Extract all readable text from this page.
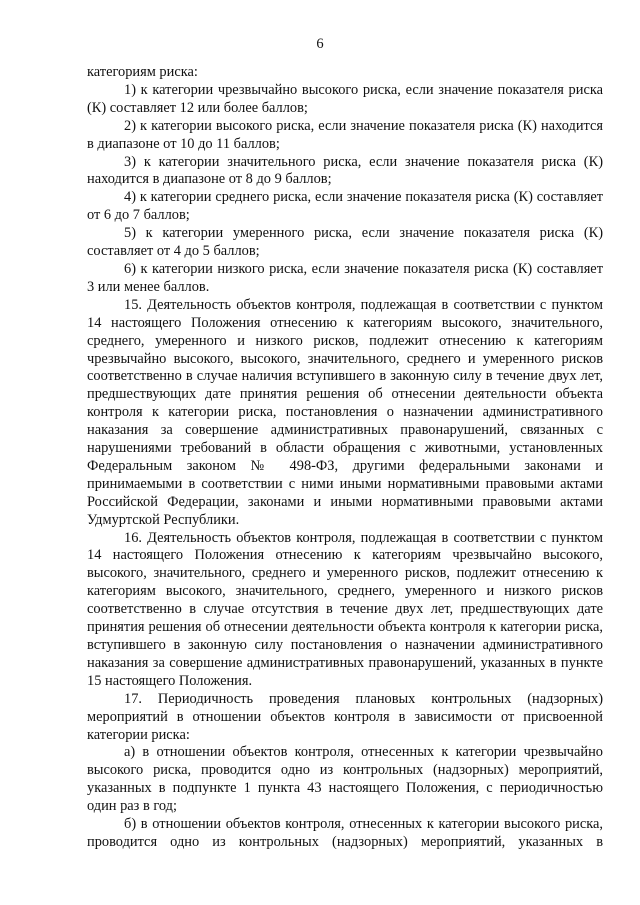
6

категориям риска:

1) к категории чрезвычайно высокого риска, если значение показателя риска (К) составляет 12 или более баллов;

2) к категории высокого риска, если значение показателя риска (К) находится в диапазоне от 10 до 11 баллов;

3) к категории значительного риска, если значение показателя риска (К) находится в диапазоне от 8 до 9 баллов;

4) к категории среднего риска, если значение показателя риска (К) составляет от 6 до 7 баллов;

5) к категории умеренного риска, если значение показателя риска (К) составляет от 4 до 5 баллов;

6) к категории низкого риска, если значение показателя риска (К) составляет 3 или менее баллов.

15. Деятельность объектов контроля, подлежащая в соответствии с пунктом 14 настоящего Положения отнесению к категориям высокого, значительного, среднего, умеренного и низкого рисков, подлежит отнесению к категориям чрезвычайно высокого, высокого, значительного, среднего и умеренного рисков соответственно в случае наличия вступившего в законную силу в течение двух лет, предшествующих дате принятия решения об отнесении деятельности объекта контроля к категории риска, постановления о назначении административного наказания за совершение административных правонарушений, связанных с нарушениями требований в области обращения с животными, установленных Федеральным законом № 498-ФЗ, другими федеральными законами и принимаемыми в соответствии с ними иными нормативными правовыми актами Российской Федерации, законами и иными нормативными правовыми актами Удмуртской Республики.

16. Деятельность объектов контроля, подлежащая в соответствии с пунктом 14 настоящего Положения отнесению к категориям чрезвычайно высокого, высокого, значительного, среднего и умеренного рисков, подлежит отнесению к категориям высокого, значительного, среднего, умеренного и низкого рисков соответственно в случае отсутствия в течение двух лет, предшествующих дате принятия решения об отнесении деятельности объекта контроля к категории риска, вступившего в законную силу постановления о назначении административного наказания за совершение административных правонарушений, указанных в пункте 15 настоящего Положения.

17. Периодичность проведения плановых контрольных (надзорных) мероприятий в отношении объектов контроля в зависимости от присвоенной категории риска:

а) в отношении объектов контроля, отнесенных к категории чрезвычайно высокого риска, проводится одно из контрольных (надзорных) мероприятий, указанных в подпункте 1 пункта 43 настоящего Положения, с периодичностью один раз в год;

б) в отношении объектов контроля, отнесенных к категории высокого риска, проводится одно из контрольных (надзорных) мероприятий, указанных в
